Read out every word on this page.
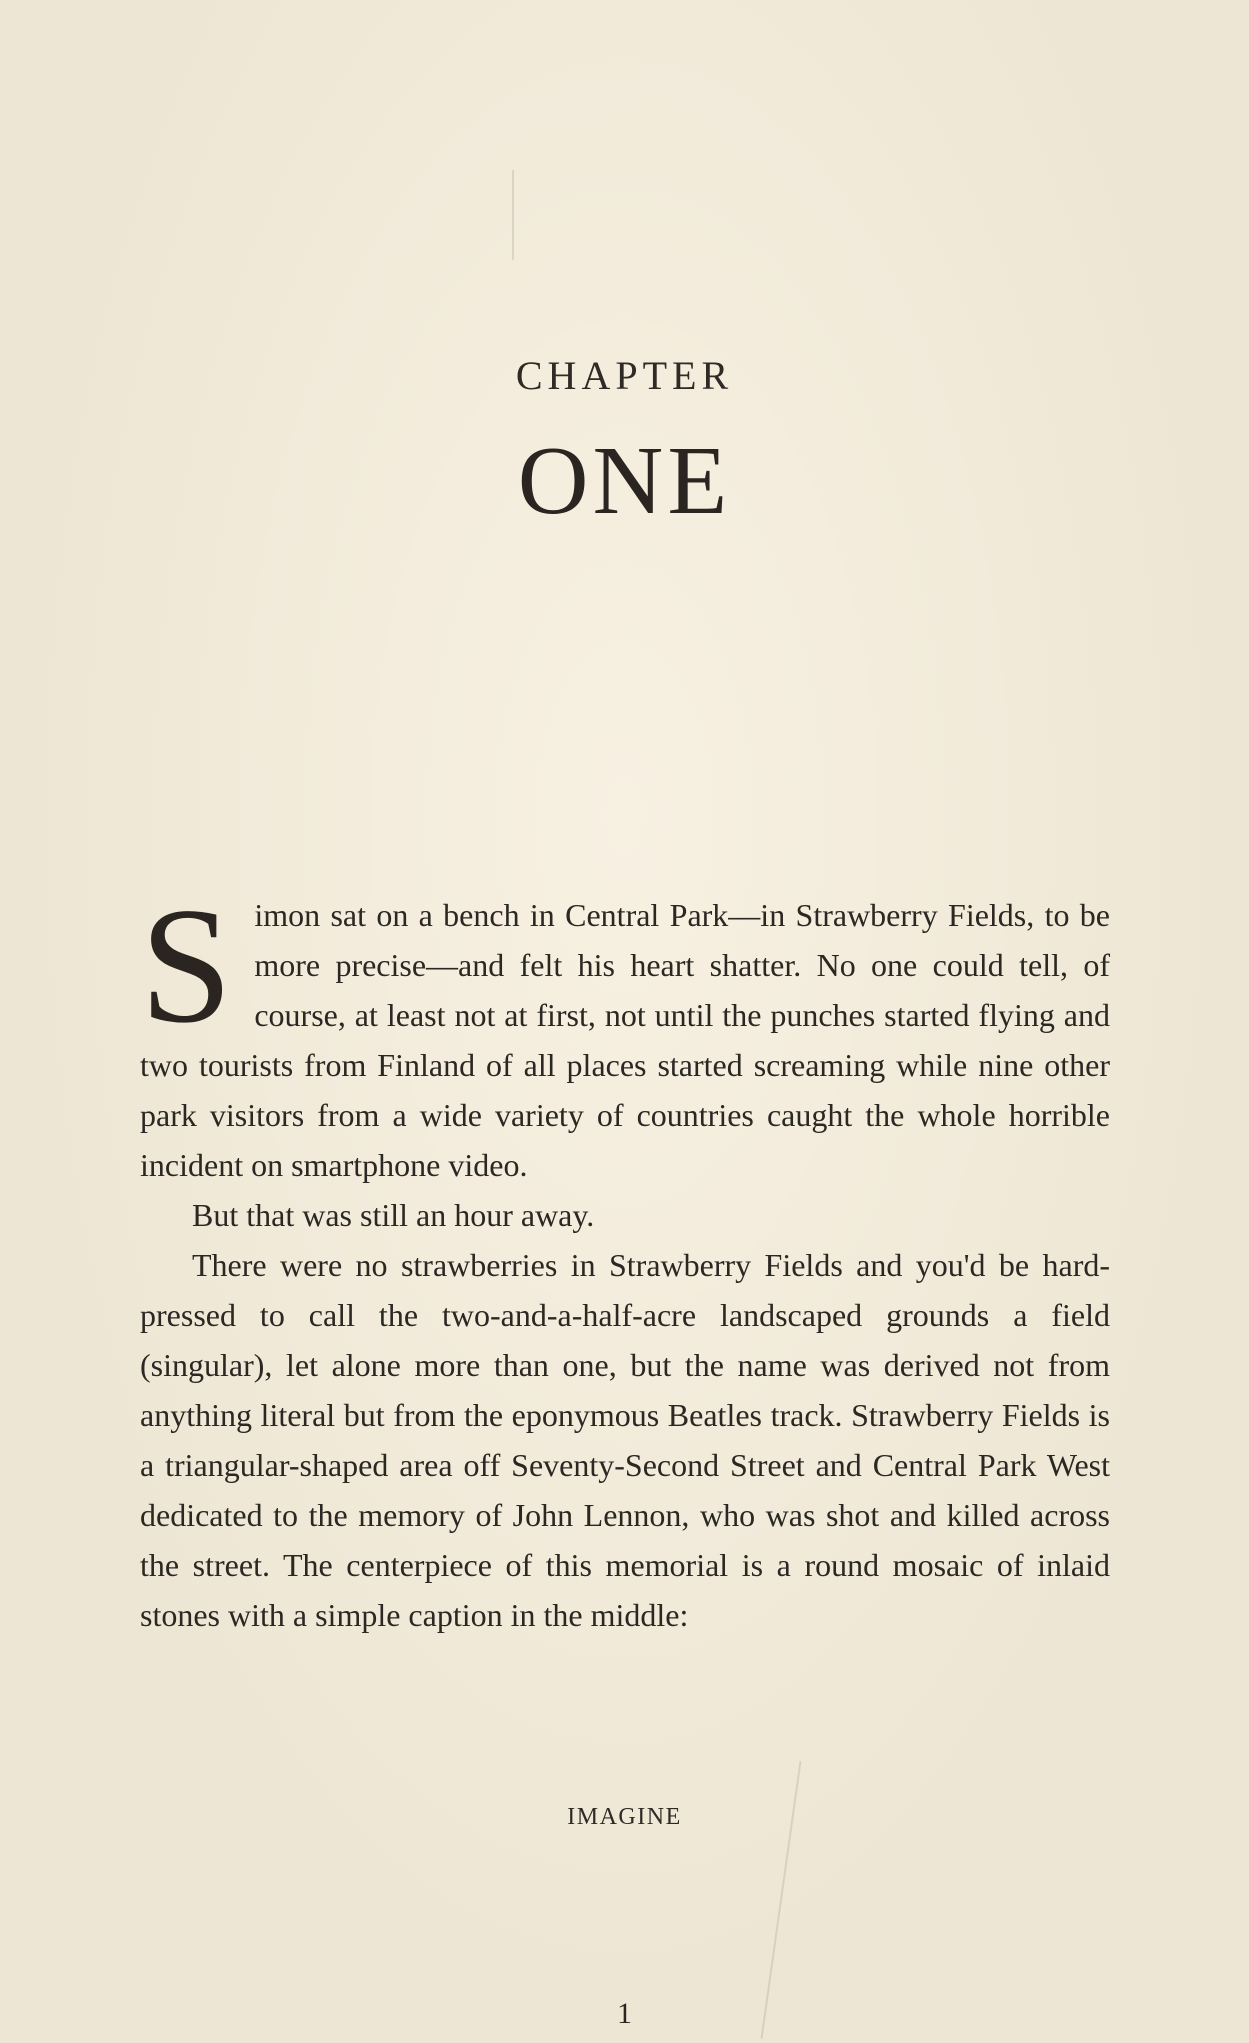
CHAPTER
ONE

Simon sat on a bench in Central Park—in Strawberry Fields, to be more precise—and felt his heart shatter. No one could tell, of course, at least not at first, not until the punches started flying and two tourists from Finland of all places started screaming while nine other park visitors from a wide variety of countries caught the whole horrible incident on smartphone video.

But that was still an hour away.

There were no strawberries in Strawberry Fields and you'd be hard-pressed to call the two-and-a-half-acre landscaped grounds a field (singular), let alone more than one, but the name was derived not from anything literal but from the eponymous Beatles track. Strawberry Fields is a triangular-shaped area off Seventy-Second Street and Central Park West dedicated to the memory of John Lennon, who was shot and killed across the street. The centerpiece of this memorial is a round mosaic of inlaid stones with a simple caption in the middle:

IMAGINE
1
